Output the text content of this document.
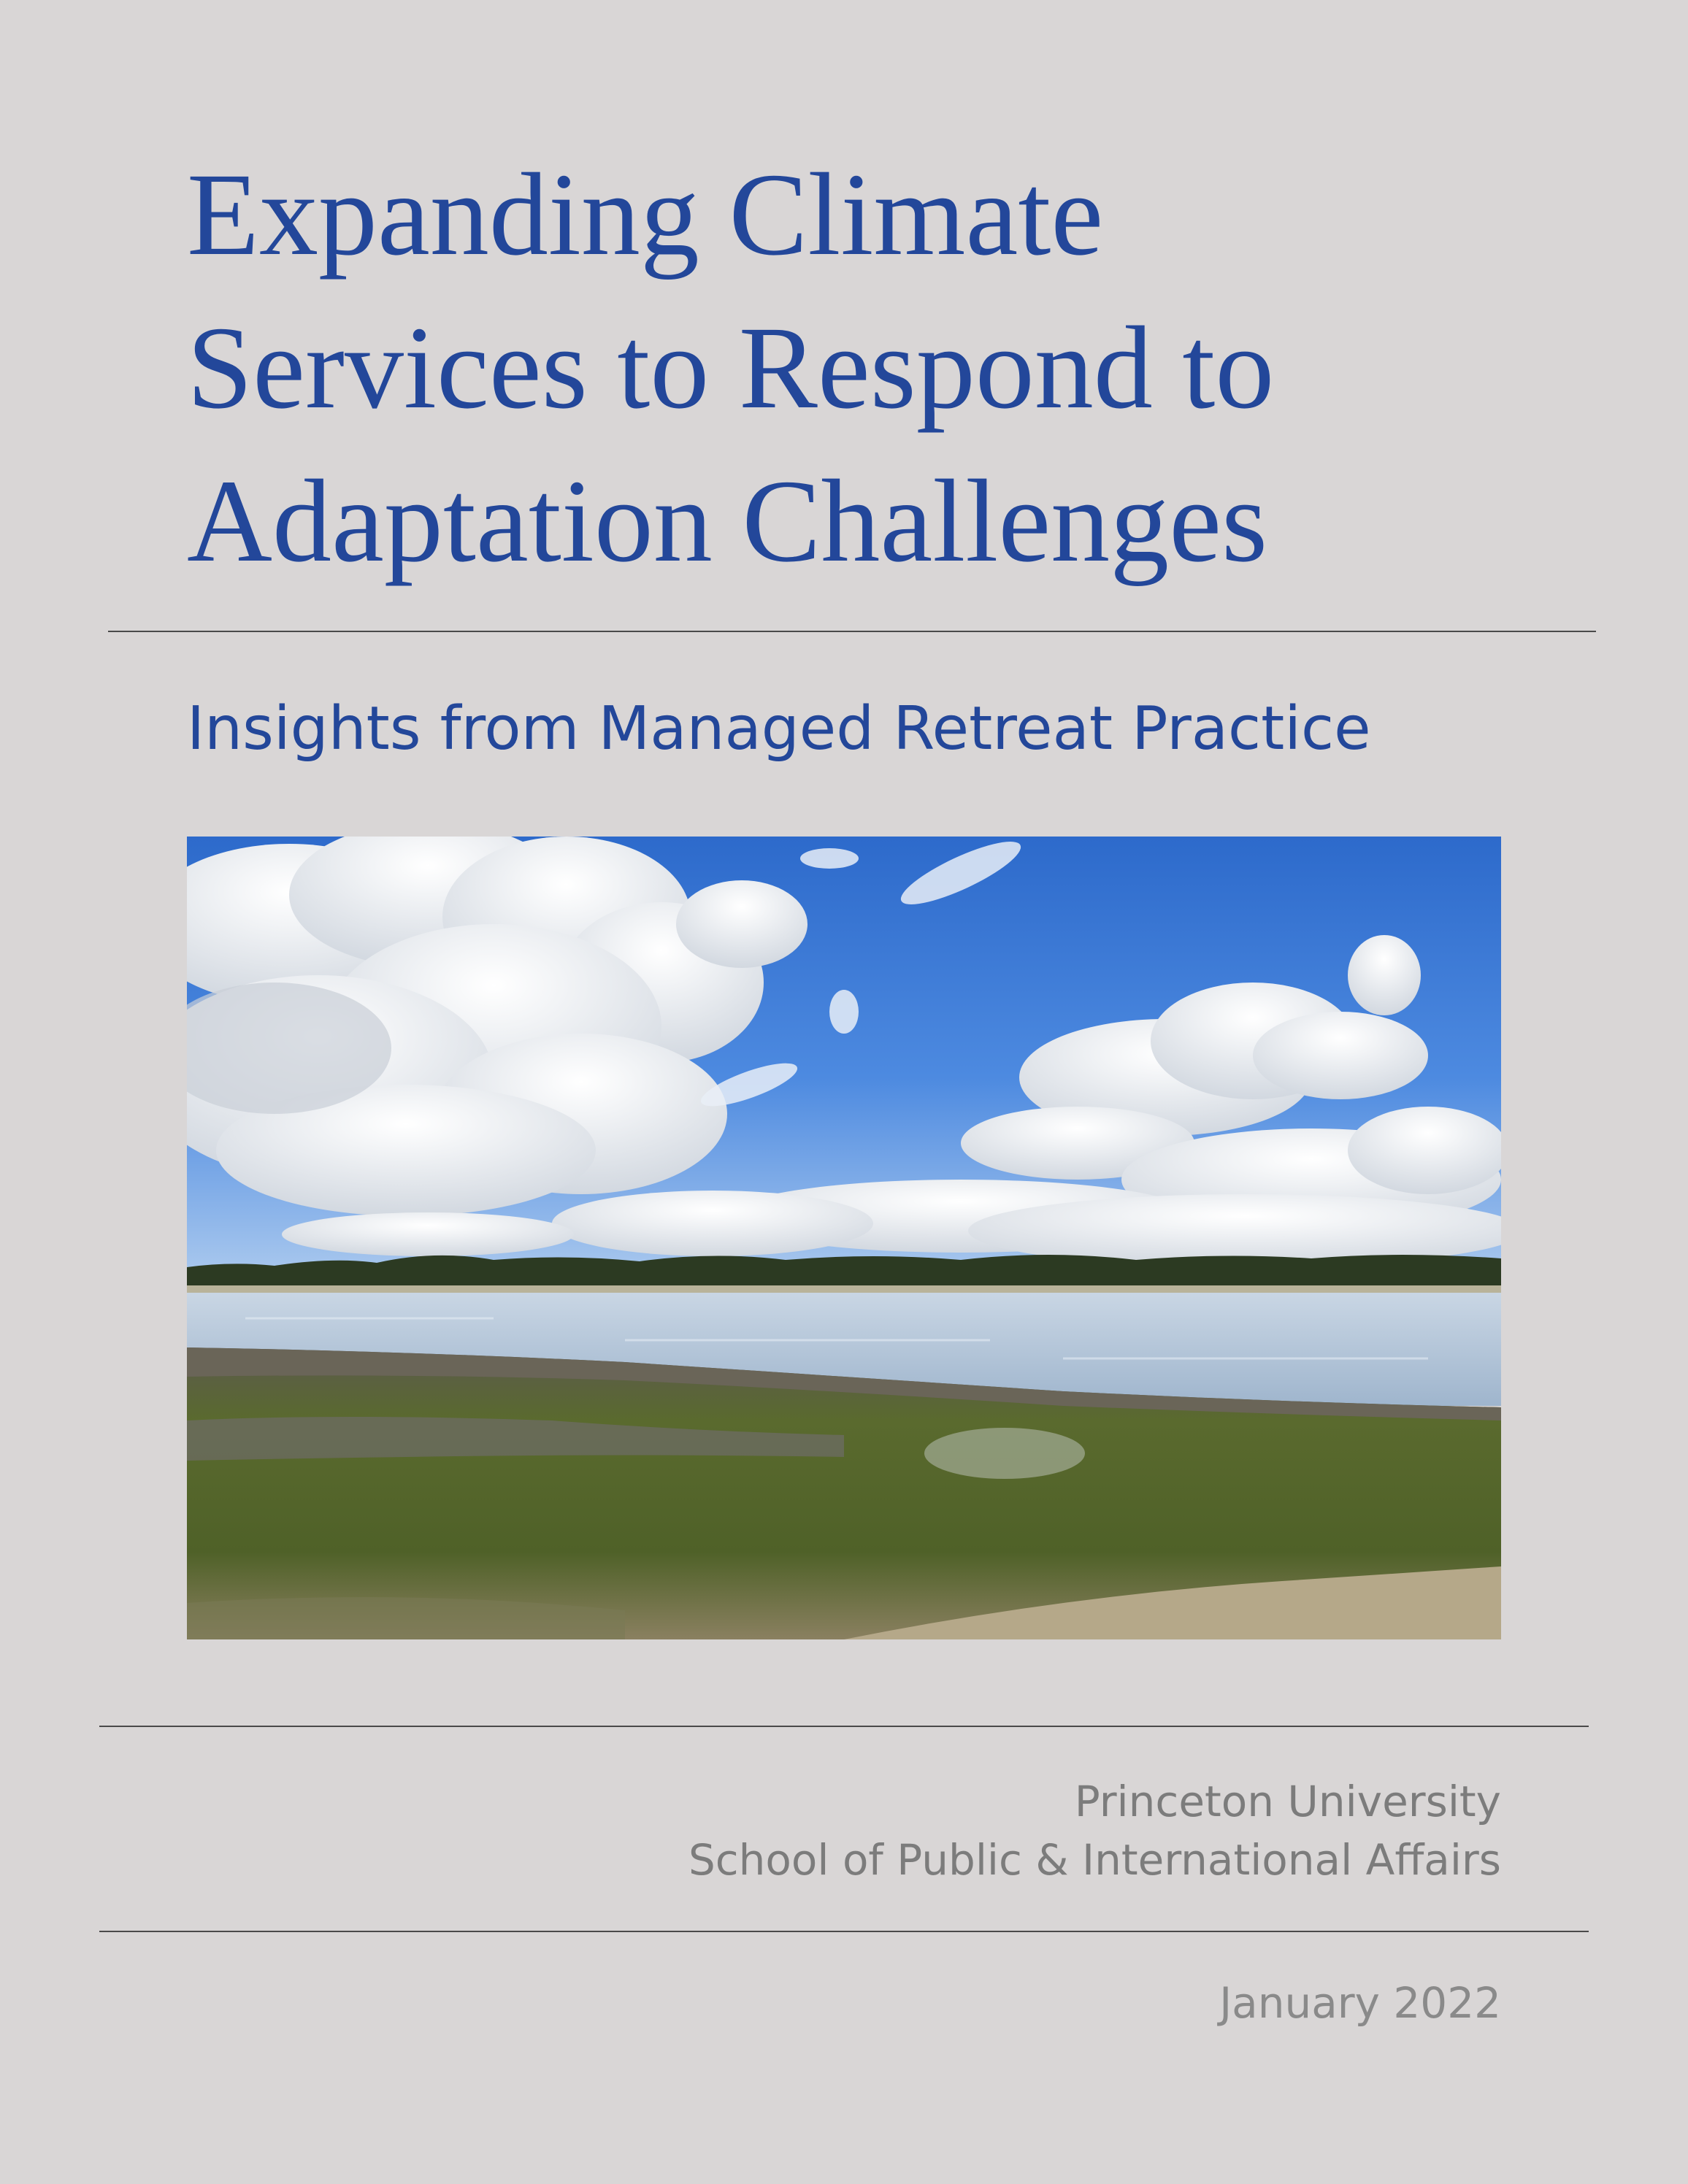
Expanding Climate
Services to Respond to
Adaptation Challenges
Insights from Managed Retreat Practice
Princeton University
School of Public & International Affairs
January 2022
